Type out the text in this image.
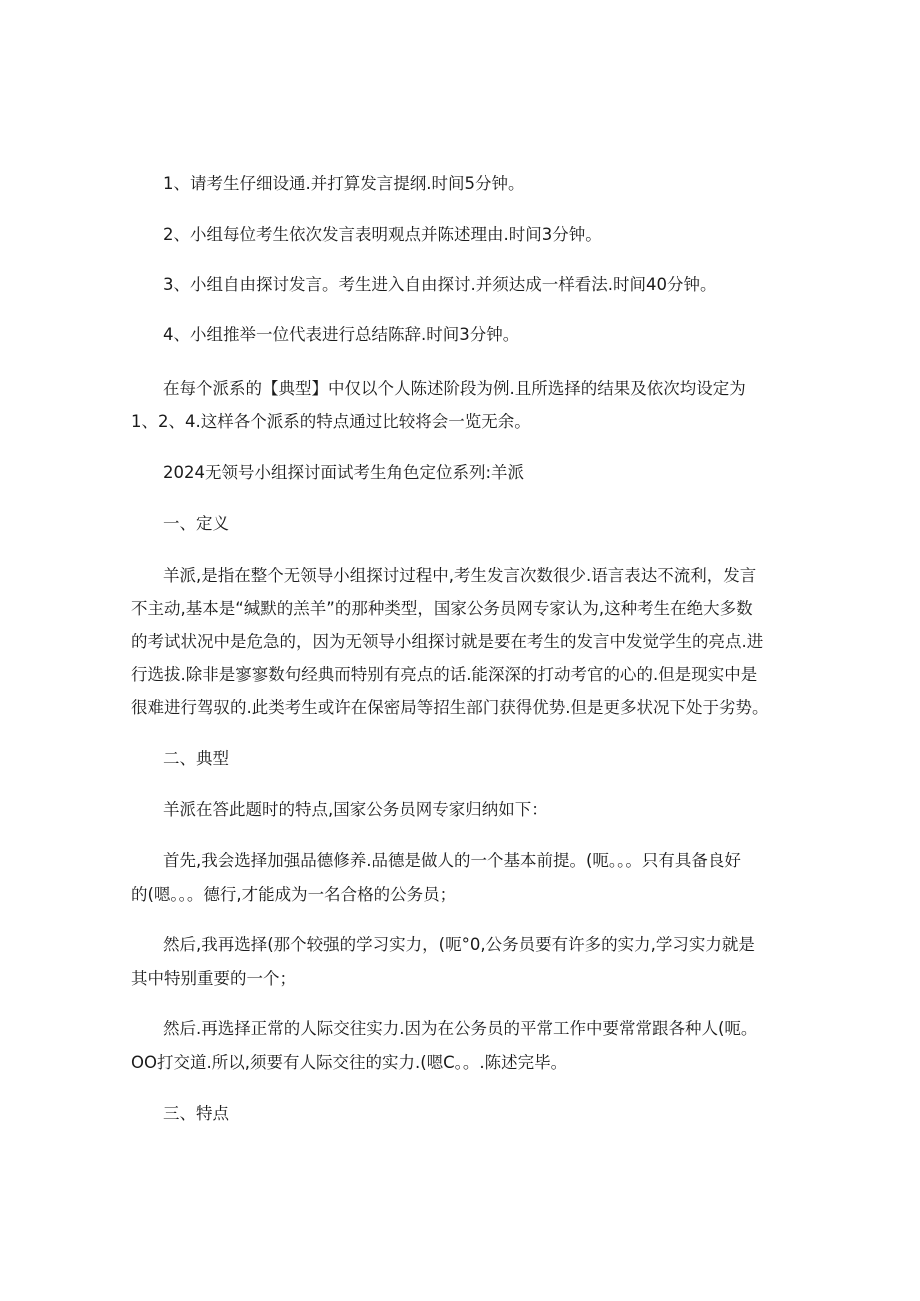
1、请考生仔细设通.并打算发言提纲.时间5分钟。
2、小组每位考生依次发言表明观点并陈述理由.时间3分钟。
3、小组自由探讨发言。考生进入自由探讨.并须达成一样看法.时间40分钟。
4、小组推举一位代表进行总结陈辞.时间3分钟。
在每个派系的【典型】中仅以个人陈述阶段为例.且所选择的结果及依次均设定为
1、2、4.这样各个派系的特点通过比较将会一览无余。
2024无领号小组探讨面试考生角色定位系列:羊派
一、定义
羊派,是指在整个无领导小组探讨过程中,考生发言次数很少.语言表达不流利，发言
不主动,基本是“缄默的羔羊”的那种类型，国家公务员网专家认为,这种考生在绝大多数
的考试状况中是危急的，因为无领导小组探讨就是要在考生的发言中发觉学生的亮点.进
行选拔.除非是寥寥数句经典而特别有亮点的话.能深深的打动考官的心的.但是现实中是
很难进行驾驭的.此类考生或许在保密局等招生部门获得优势.但是更多状况下处于劣势。
二、典型
羊派在答此题时的特点,国家公务员网专家归纳如下：
首先,我会选择加强品德修养.品德是做人的一个基本前提。(呃。。。只有具备良好
的(嗯。。。德行,才能成为一名合格的公务员；
然后,我再选择(那个较强的学习实力，(呃°0,公务员要有许多的实力,学习实力就是
其中特别重要的一个；
然后.再选择正常的人际交往实力.因为在公务员的平常工作中要常常跟各种人(呃。
OO打交道.所以,须要有人际交往的实力.(嗯C。。.陈述完毕。
三、特点
